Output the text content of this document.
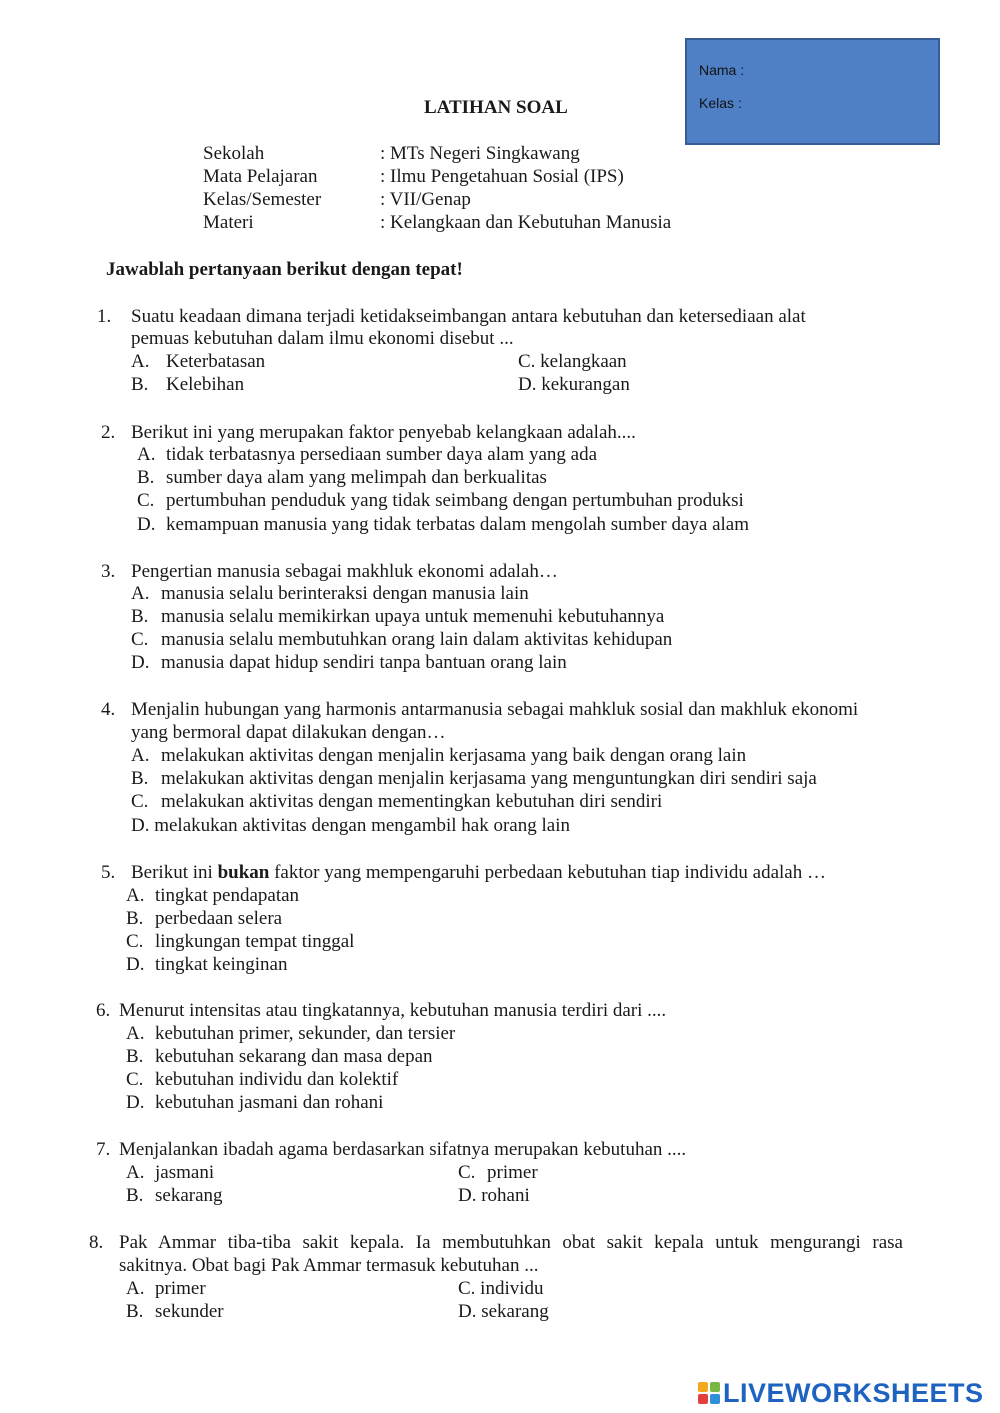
Nama :
Kelas :
LATIHAN SOAL
Sekolah	: MTs Negeri Singkawang
Mata Pelajaran	: Ilmu Pengetahuan Sosial (IPS)
Kelas/Semester	: VII/Genap
Materi	: Kelangkaan dan Kebutuhan Manusia
Jawablah pertanyaan berikut dengan tepat!
1. Suatu keadaan dimana terjadi ketidakseimbangan antara kebutuhan dan ketersediaan alat
pemuas kebutuhan dalam ilmu ekonomi disebut ...
A. Keterbatasan
B. Kelebihan
C. kelangkaan
D. kekurangan
2. Berikut ini yang merupakan faktor penyebab kelangkaan adalah....
A. tidak terbatasnya persediaan sumber daya alam yang ada
B. sumber daya alam yang melimpah dan berkualitas
C. pertumbuhan penduduk yang tidak seimbang dengan pertumbuhan produksi
D. kemampuan manusia yang tidak terbatas dalam mengolah sumber daya alam
3. Pengertian manusia sebagai makhluk ekonomi adalah…
A. manusia selalu berinteraksi dengan manusia lain
B. manusia selalu memikirkan upaya untuk memenuhi kebutuhannya
C. manusia selalu membutuhkan orang lain dalam aktivitas kehidupan
D. manusia dapat hidup sendiri tanpa bantuan orang lain
4. Menjalin hubungan yang harmonis antarmanusia sebagai mahkluk sosial dan makhluk ekonomi
yang bermoral dapat dilakukan dengan…
A. melakukan aktivitas dengan menjalin kerjasama yang baik dengan orang lain
B. melakukan aktivitas dengan menjalin kerjasama yang menguntungkan diri sendiri saja
C. melakukan aktivitas dengan mementingkan kebutuhan diri sendiri
D. melakukan aktivitas dengan mengambil hak orang lain
5. Berikut ini bukan faktor yang mempengaruhi perbedaan kebutuhan tiap individu adalah …
A. tingkat pendapatan
B. perbedaan selera
C. lingkungan tempat tinggal
D. tingkat keinginan
6. Menurut intensitas atau tingkatannya, kebutuhan manusia terdiri dari ....
A. kebutuhan primer, sekunder, dan tersier
B. kebutuhan sekarang dan masa depan
C. kebutuhan individu dan kolektif
D. kebutuhan jasmani dan rohani
7. Menjalankan ibadah agama berdasarkan sifatnya merupakan kebutuhan ....
A. jasmani
B. sekarang
C. primer
D. rohani
8. Pak Ammar tiba-tiba sakit kepala. Ia membutuhkan obat sakit kepala untuk mengurangi rasa
sakitnya. Obat bagi Pak Ammar termasuk kebutuhan ...
A. primer
B. sekunder
C. individu
D. sekarang
LIVEWORKSHEETS
